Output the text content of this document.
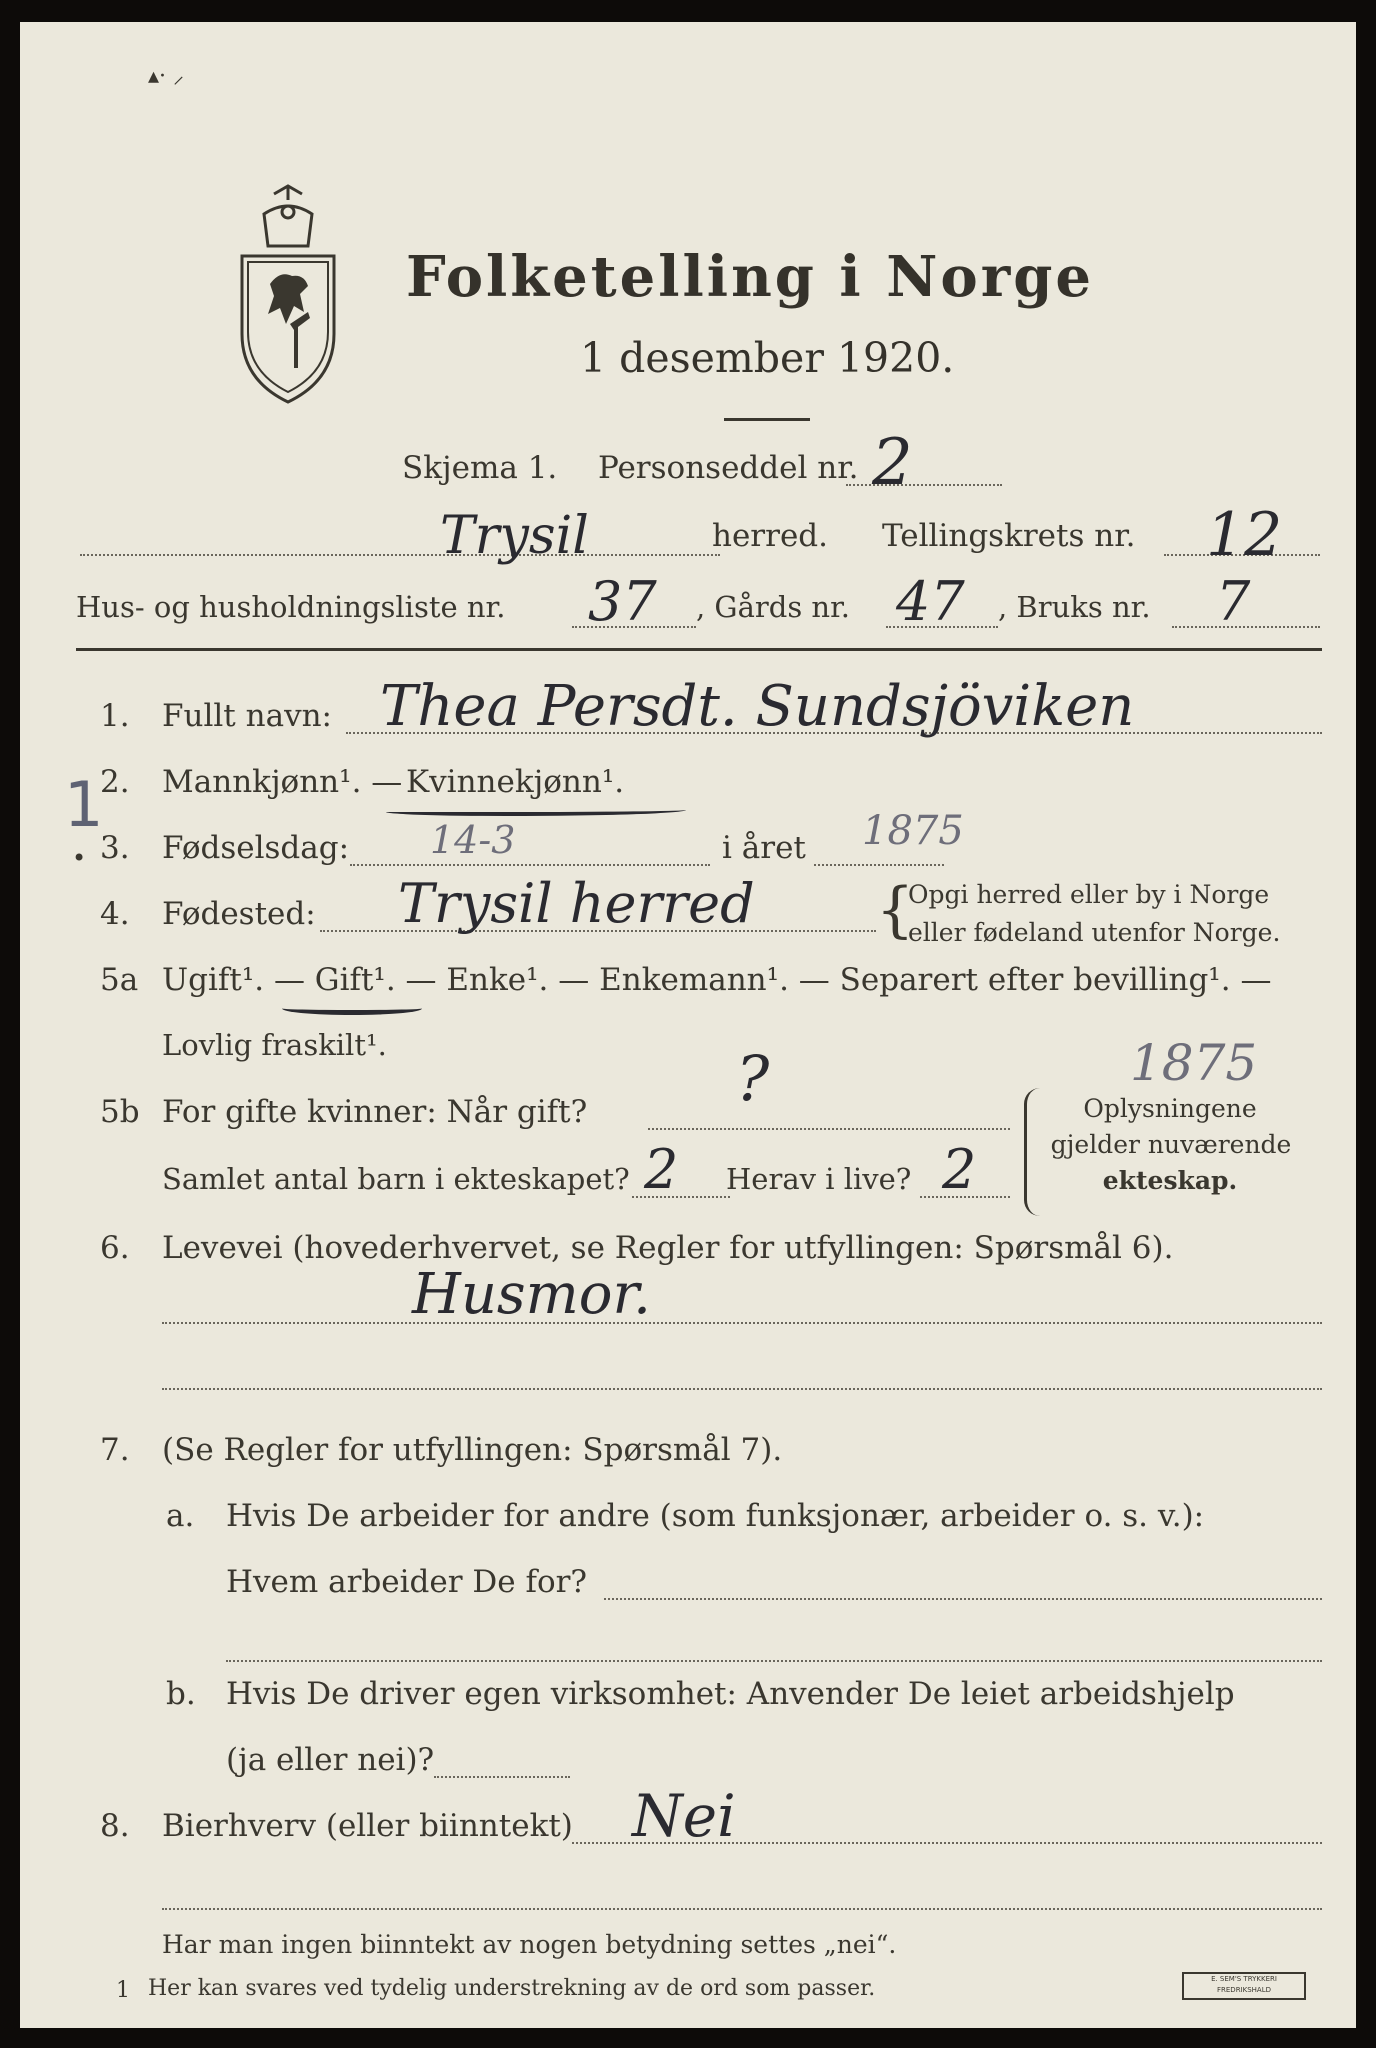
▴· ⸝
Folketelling i Norge
1 desember 1920.
Skjema 1. Personseddel nr. 2
Trysil	herred. Tellingskrets nr. 12
Hus- og husholdningsliste nr. 37 , Gårds nr. 47 , Bruks nr. 7
1
•
1. Fullt navn: Thea Persdt. Sundsjöviken
2. Mannkjønn¹. — Kvinnekjønn¹.
3. Fødselsdag: 14-3	i året 1875
4. Fødested: Trysil herred {
Opgi herred eller by i Norge
eller fødeland utenfor Norge.
5a Ugift¹. — Gift¹. — Enke¹. — Enkemann¹. — Separert efter bevilling¹. —
Lovlig fraskilt¹.	1875
5b For gifte kvinner: Når gift? ?
Samlet antal barn i ekteskapet? 2 Herav i live? 2
Oplysningene
gjelder nuværende
ekteskap.
6. Levevei (hovederhvervet, se Regler for utfyllingen: Spørsmål 6).
Husmor.
7. (Se Regler for utfyllingen: Spørsmål 7).
a. Hvis De arbeider for andre (som funksjonær, arbeider o. s. v.):
Hvem arbeider De for?
b. Hvis De driver egen virksomhet: Anvender De leiet arbeidshjelp
(ja eller nei)?
8. Bierhverv (eller biinntekt) Nei
Har man ingen biinntekt av nogen betydning settes „nei“.
1 Her kan svares ved tydelig understrekning av de ord som passer.	E. SEM'S TRYKKERI FREDRIKSHALD
